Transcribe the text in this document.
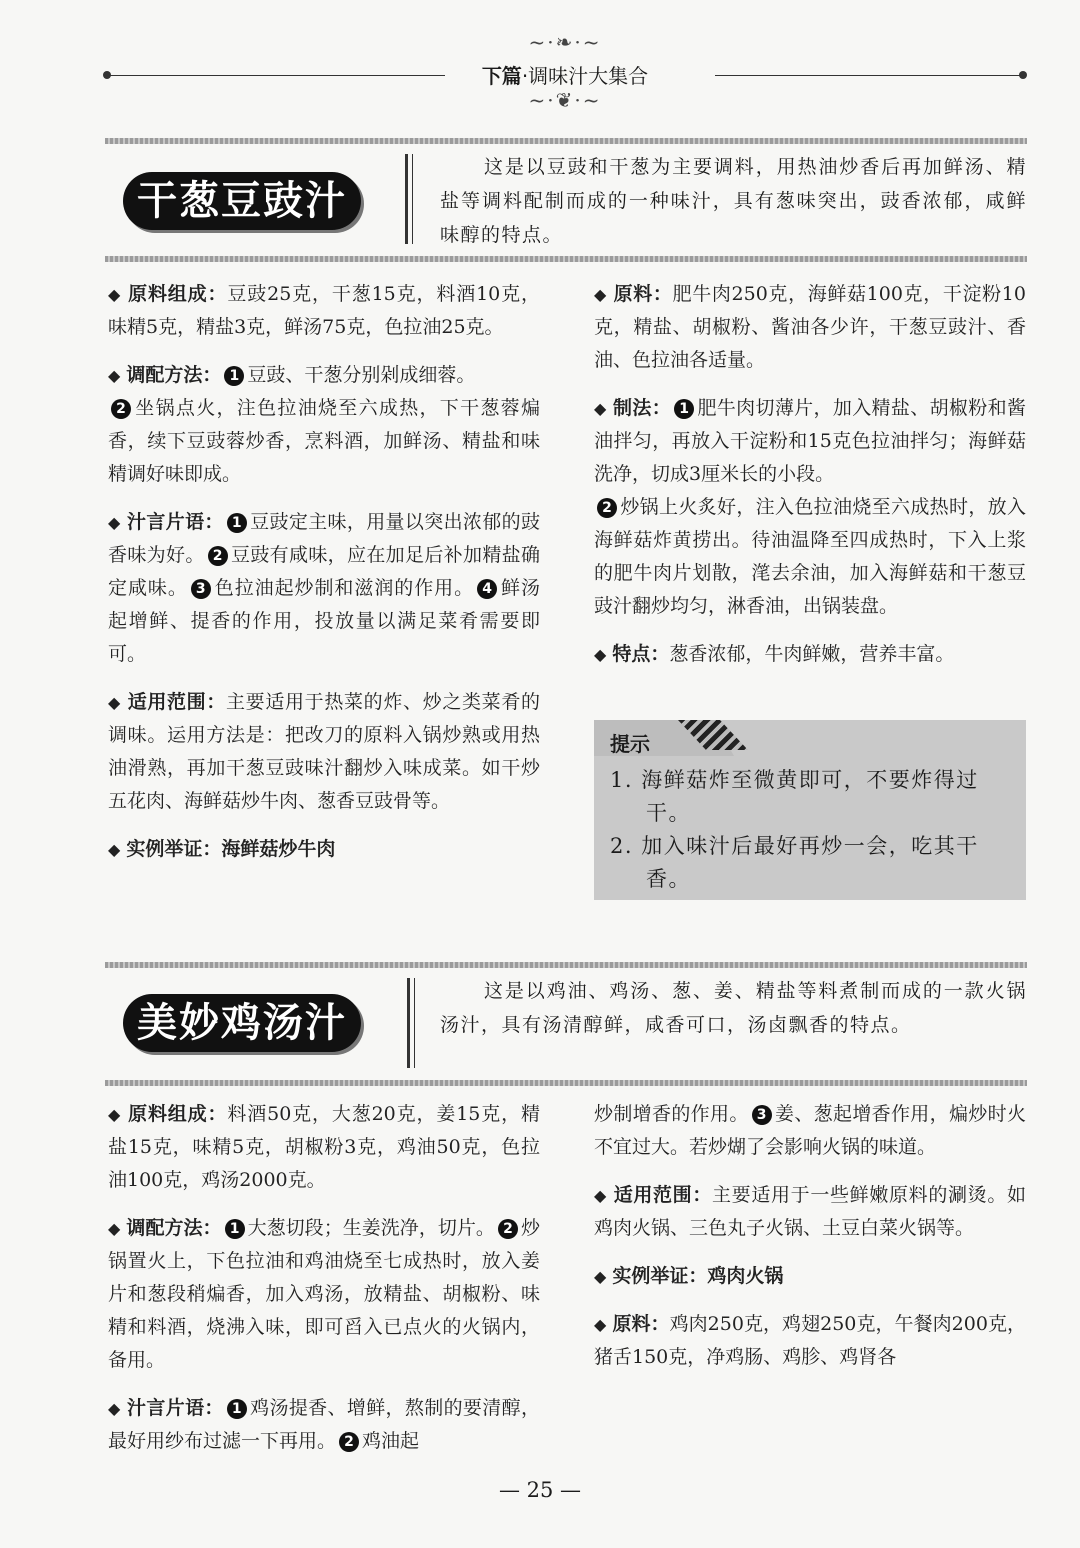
~·❧·~
下篇·调味汁大集合
~·❦·~
干葱豆豉汁
这是以豆豉和干葱为主要调料，用热油炒香后再加鲜汤、精盐等调料配制而成的一种味汁，具有葱味突出，豉香浓郁，咸鲜味醇的特点。

◆ 原料组成：豆豉25克，干葱15克，料酒10克，味精5克，精盐3克，鲜汤75克，色拉油25克。

◆ 调配方法： 1 豆豉、干葱分别剁成细蓉。
2 坐锅点火，注色拉油烧至六成热，下干葱蓉煸香，续下豆豉蓉炒香，烹料酒，加鲜汤、精盐和味精调好味即成。

◆ 汁言片语： 1 豆豉定主味，用量以突出浓郁的豉香味为好。 2 豆豉有咸味，应在加足后补加精盐确定咸味。 3 色拉油起炒制和滋润的作用。 4 鲜汤起增鲜、提香的作用，投放量以满足菜肴需要即可。

◆ 适用范围：主要适用于热菜的炸、炒之类菜肴的调味。运用方法是：把改刀的原料入锅炒熟或用热油滑熟，再加干葱豆豉味汁翻炒入味成菜。如干炒五花肉、海鲜菇炒牛肉、葱香豆豉骨等。

◆ 实例举证：海鲜菇炒牛肉

◆ 原料：肥牛肉250克，海鲜菇100克，干淀粉10克，精盐、胡椒粉、酱油各少许，干葱豆豉汁、香油、色拉油各适量。

◆ 制法： 1 肥牛肉切薄片，加入精盐、胡椒粉和酱油拌匀，再放入干淀粉和15克色拉油拌匀；海鲜菇洗净，切成3厘米长的小段。
2 炒锅上火炙好，注入色拉油烧至六成热时，放入海鲜菇炸黄捞出。待油温降至四成热时，下入上浆的肥牛肉片划散，滗去余油，加入海鲜菇和干葱豆豉汁翻炒均匀，淋香油，出锅装盘。

◆ 特点：葱香浓郁，牛肉鲜嫩，营养丰富。

提示
1. 海鲜菇炸至微黄即可，不要炸得过干。
2. 加入味汁后最好再炒一会，吃其干香。
美妙鸡汤汁
这是以鸡油、鸡汤、葱、姜、精盐等料煮制而成的一款火锅汤汁，具有汤清醇鲜，咸香可口，汤卤飘香的特点。

◆ 原料组成：料酒50克，大葱20克，姜15克，精盐15克，味精5克，胡椒粉3克，鸡油50克，色拉油100克，鸡汤2000克。

◆ 调配方法： 1 大葱切段；生姜洗净，切片。 2 炒锅置火上，下色拉油和鸡油烧至七成热时，放入姜片和葱段稍煸香，加入鸡汤，放精盐、胡椒粉、味精和料酒，烧沸入味，即可舀入已点火的火锅内，备用。

◆ 汁言片语： 1 鸡汤提香、增鲜，熬制的要清醇，最好用纱布过滤一下再用。 2 鸡油起

炒制增香的作用。 3 姜、葱起增香作用，煸炒时火不宜过大。若炒煳了会影响火锅的味道。

◆ 适用范围：主要适用于一些鲜嫩原料的涮烫。如鸡肉火锅、三色丸子火锅、土豆白菜火锅等。

◆ 实例举证：鸡肉火锅

◆ 原料：鸡肉250克，鸡翅250克，午餐肉200克，猪舌150克，净鸡肠、鸡胗、鸡肾各

— 25 —
